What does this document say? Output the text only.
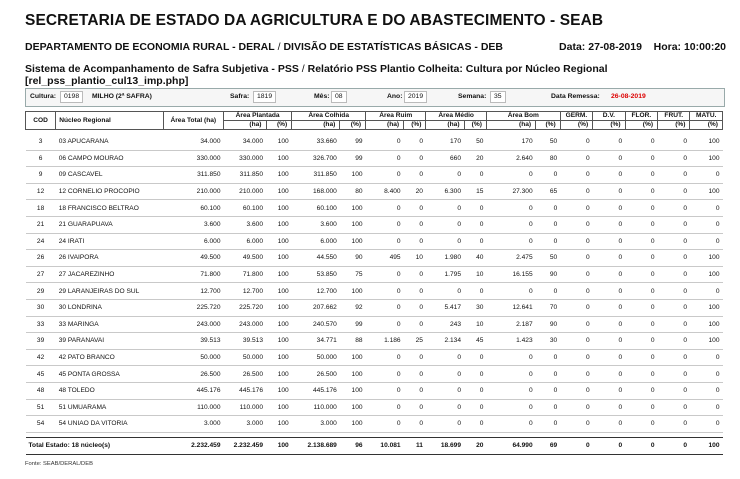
SECRETARIA DE ESTADO DA AGRICULTURA E DO ABASTECIMENTO - SEAB
DEPARTAMENTO DE ECONOMIA RURAL - DERAL / DIVISÃO DE ESTATÍSTICAS BÁSICAS - DEB	Data: 27-08-2019 Hora: 10:00:20
Sistema de Acompanhamento de Safra Subjetiva - PSS / Relatório PSS Plantio Colheita: Cultura por Núcleo Regional     [rel_pss_plantio_cul13_imp.php]
Cultura:	0198	MILHO (2ª SAFRA)	Safra:	1819	Mês: 08	Ano: 2019	Semana:	35	Data Remessa: 26-08-2019
COD	Núcleo Regional	Área Total (ha)	Área Plantada		Área Colhida		Área Ruim		Área Médio		Área Bom		GERM.	D.V.	FLOR.	FRUT.	MATU.
			(ha)	(%)	(ha)	(%)	(ha)	(%)	(ha)	(%)	(ha)	(%)	(%)	(%)	(%)	(%)	(%)

3	03 APUCARANA	34.000	34.000	100	33.660	99	0	0	170	50	170	50	0	0	0	0	100
6	06 CAMPO MOURAO	330.000	330.000	100	326.700	99	0	0	660	20	2.640	80	0	0	0	0	100
9	09 CASCAVEL	311.850	311.850	100	311.850	100	0	0	0	0	0	0	0	0	0	0	0
12	12 CORNELIO PROCOPIO	210.000	210.000	100	168.000	80	8.400	20	6.300	15	27.300	65	0	0	0	0	100
18	18 FRANCISCO BELTRAO	60.100	60.100	100	60.100	100	0	0	0	0	0	0	0	0	0	0	0
21	21 GUARAPUAVA	3.600	3.600	100	3.600	100	0	0	0	0	0	0	0	0	0	0	0
24	24 IRATI	6.000	6.000	100	6.000	100	0	0	0	0	0	0	0	0	0	0	0
26	26 IVAIPORA	49.500	49.500	100	44.550	90	495	10	1.980	40	2.475	50	0	0	0	0	100
27	27 JACAREZINHO	71.800	71.800	100	53.850	75	0	0	1.795	10	16.155	90	0	0	0	0	100
29	29 LARANJEIRAS DO SUL	12.700	12.700	100	12.700	100	0	0	0	0	0	0	0	0	0	0	0
30	30 LONDRINA	225.720	225.720	100	207.662	92	0	0	5.417	30	12.641	70	0	0	0	0	100
33	33 MARINGA	243.000	243.000	100	240.570	99	0	0	243	10	2.187	90	0	0	0	0	100
39	39 PARANAVAI	39.513	39.513	100	34.771	88	1.186	25	2.134	45	1.423	30	0	0	0	0	100
42	42 PATO BRANCO	50.000	50.000	100	50.000	100	0	0	0	0	0	0	0	0	0	0	0
45	45 PONTA GROSSA	26.500	26.500	100	26.500	100	0	0	0	0	0	0	0	0	0	0	0
48	48 TOLEDO	445.176	445.176	100	445.176	100	0	0	0	0	0	0	0	0	0	0	0
51	51 UMUARAMA	110.000	110.000	100	110.000	100	0	0	0	0	0	0	0	0	0	0	0
54	54 UNIAO DA VITORIA	3.000	3.000	100	3.000	100	0	0	0	0	0	0	0	0	0	0	0

Total Estado: 18 núcleo(s)		2.232.459	2.232.459	100	2.138.689	96	10.081	11	18.699	20	64.990	69	0	0	0	0	100
Fonte: SEAB/DERAL/DEB
